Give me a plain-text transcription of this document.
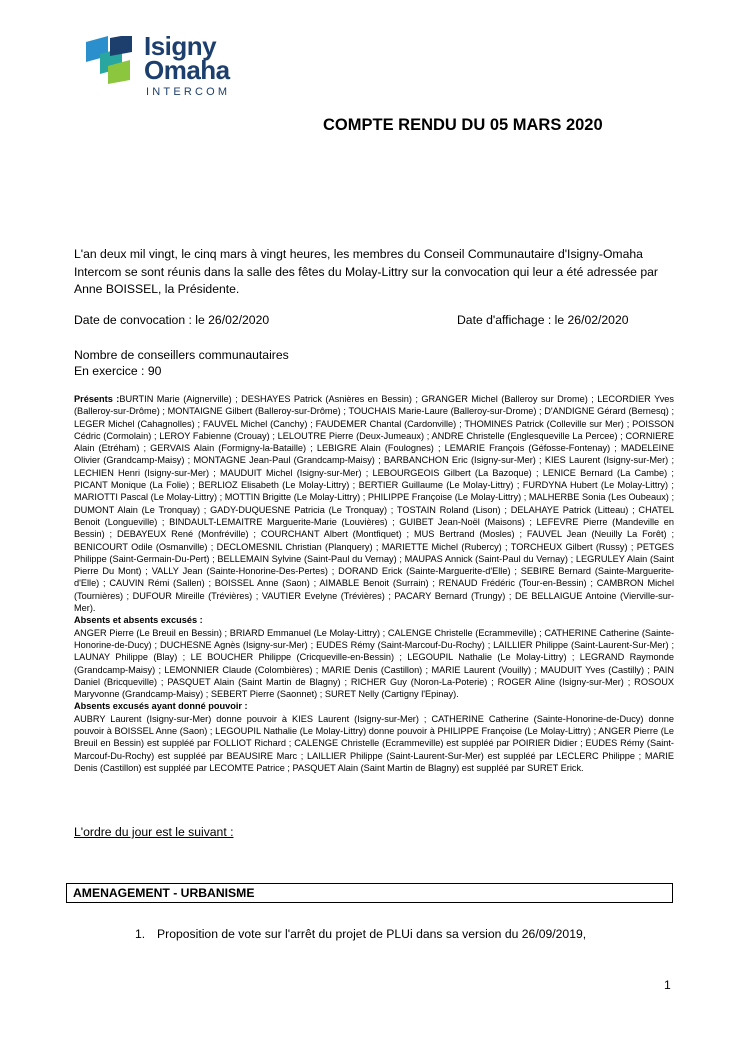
Isigny
Omaha
INTERCOM
COMPTE RENDU DU 05 MARS 2020
L'an deux mil vingt, le cinq mars à vingt heures, les membres du Conseil Communautaire d'Isigny-Omaha Intercom se sont réunis dans la salle des fêtes du Molay-Littry sur la convocation qui leur a été adressée par Anne BOISSEL, la Présidente.
Date de convocation : le 26/02/2020	Date d'affichage : le 26/02/2020
Nombre de conseillers communautaires
En exercice : 90

Présents :BURTIN Marie (Aignerville) ; DESHAYES Patrick (Asnières en Bessin) ; GRANGER Michel (Balleroy sur Drome) ; LECORDIER Yves (Balleroy-sur-Drôme) ; MONTAIGNE Gilbert (Balleroy-sur-Drôme) ; TOUCHAIS Marie-Laure (Balleroy-sur-Drome) ; D'ANDIGNE Gérard (Bernesq) ; LEGER Michel (Cahagnolles) ; FAUVEL Michel (Canchy) ; FAUDEMER Chantal (Cardonville) ; THOMINES Patrick (Colleville sur Mer) ; POISSON Cédric (Cormolain) ; LEROY Fabienne (Crouay) ; LELOUTRE Pierre (Deux-Jumeaux) ; ANDRE Christelle (Englesqueville La Percee) ; CORNIERE Alain (Etréham) ; GERVAIS Alain (Formigny-la-Bataille) ; LEBIGRE Alain (Foulognes) ; LEMARIE François (Géfosse-Fontenay) ; MADELEINE Olivier (Grandcamp-Maisy) ; MONTAGNE Jean-Paul (Grandcamp-Maisy) ; BARBANCHON Eric (Isigny-sur-Mer) ; KIES Laurent (Isigny-sur-Mer) ; LECHIEN Henri (Isigny-sur-Mer) ; MAUDUIT Michel (Isigny-sur-Mer) ; LEBOURGEOIS Gilbert (La Bazoque) ; LENICE Bernard (La Cambe) ; PICANT Monique (La Folie) ; BERLIOZ Elisabeth (Le Molay-Littry) ; BERTIER Guillaume (Le Molay-Littry) ; FURDYNA Hubert (Le Molay-Littry) ; MARIOTTI Pascal (Le Molay-Littry) ; MOTTIN Brigitte (Le Molay-Littry) ; PHILIPPE Françoise (Le Molay-Littry) ; MALHERBE Sonia (Les Oubeaux) ; DUMONT Alain (Le Tronquay) ; GADY-DUQUESNE Patricia (Le Tronquay) ; TOSTAIN Roland (Lison) ; DELAHAYE Patrick (Litteau) ; CHATEL Benoit (Longueville) ; BINDAULT-LEMAITRE Marguerite-Marie (Louvières) ; GUIBET Jean-Noël (Maisons) ; LEFEVRE Pierre (Mandeville en Bessin) ; DEBAYEUX René (Monfréville) ; COURCHANT Albert (Montfiquet) ; MUS Bertrand (Mosles) ; FAUVEL Jean (Neuilly La Forêt) ; BENICOURT Odile (Osmanville) ; DECLOMESNIL Christian (Planquery) ; MARIETTE Michel (Rubercy) ; TORCHEUX Gilbert (Russy) ; PETGES Philippe (Saint-Germain-Du-Pert) ; BELLEMAIN Sylvine (Saint-Paul du Vernay) ; MAUPAS Annick (Saint-Paul du Vernay) ; LEGRULEY Alain (Saint Pierre Du Mont) ; VALLY Jean (Sainte-Honorine-Des-Pertes) ; DORAND Erick (Sainte-Marguerite-d'Elle) ; SEBIRE Bernard (Sainte-Marguerite-d'Elle) ; CAUVIN Rémi (Sallen) ; BOISSEL Anne (Saon) ; AIMABLE Benoit (Surrain) ; RENAUD Frédéric (Tour-en-Bessin) ; CAMBRON Michel (Tournières) ; DUFOUR Mireille (Trévières) ; VAUTIER Evelyne (Trévières) ; PACARY Bernard (Trungy) ; DE BELLAIGUE Antoine (Vierville-sur-Mer).

Absents et absents excusés :

ANGER Pierre (Le Breuil en Bessin) ; BRIARD Emmanuel (Le Molay-Littry) ; CALENGE Christelle (Ecrammeville) ; CATHERINE Catherine (Sainte-Honorine-de-Ducy) ; DUCHESNE Agnès (Isigny-sur-Mer) ; EUDES Rémy (Saint-Marcouf-Du-Rochy) ; LAILLIER Philippe (Saint-Laurent-Sur-Mer) ; LAUNAY Philippe (Blay) ; LE BOUCHER Philippe (Cricqueville-en-Bessin) ; LEGOUPIL Nathalie (Le Molay-Littry) ; LEGRAND Raymonde (Grandcamp-Maisy) ; LEMONNIER Claude (Colombières) ; MARIE Denis (Castillon) ; MARIE Laurent (Vouilly) ; MAUDUIT Yves (Castilly) ; PAIN Daniel (Bricqueville) ; PASQUET Alain (Saint Martin de Blagny) ; RICHER Guy (Noron-La-Poterie) ; ROGER Aline (Isigny-sur-Mer) ; ROSOUX Maryvonne (Grandcamp-Maisy) ; SEBERT Pierre (Saonnet) ; SURET Nelly (Cartigny l'Epinay).

Absents excusés ayant donné pouvoir :

AUBRY Laurent (Isigny-sur-Mer) donne pouvoir à KIES Laurent (Isigny-sur-Mer) ; CATHERINE Catherine (Sainte-Honorine-de-Ducy) donne pouvoir à BOISSEL Anne (Saon) ; LEGOUPIL Nathalie (Le Molay-Littry) donne pouvoir à PHILIPPE Françoise (Le Molay-Littry) ; ANGER Pierre (Le Breuil en Bessin) est suppléé par FOLLIOT Richard ; CALENGE Christelle (Ecrammeville) est suppléé par POIRIER Didier ; EUDES Rémy (Saint-Marcouf-Du-Rochy) est suppléé par BEAUSIRE Marc ; LAILLIER Philippe (Saint-Laurent-Sur-Mer) est suppléé par LECLERC Philippe ; MARIE Denis (Castillon) est suppléé par LECOMTE Patrice ; PASQUET Alain (Saint Martin de Blagny) est suppléé par SURET Erick.

L'ordre du jour est le suivant :
AMENAGEMENT - URBANISME
1. Proposition de vote sur l'arrêt du projet de PLUi dans sa version du 26/09/2019,
1
